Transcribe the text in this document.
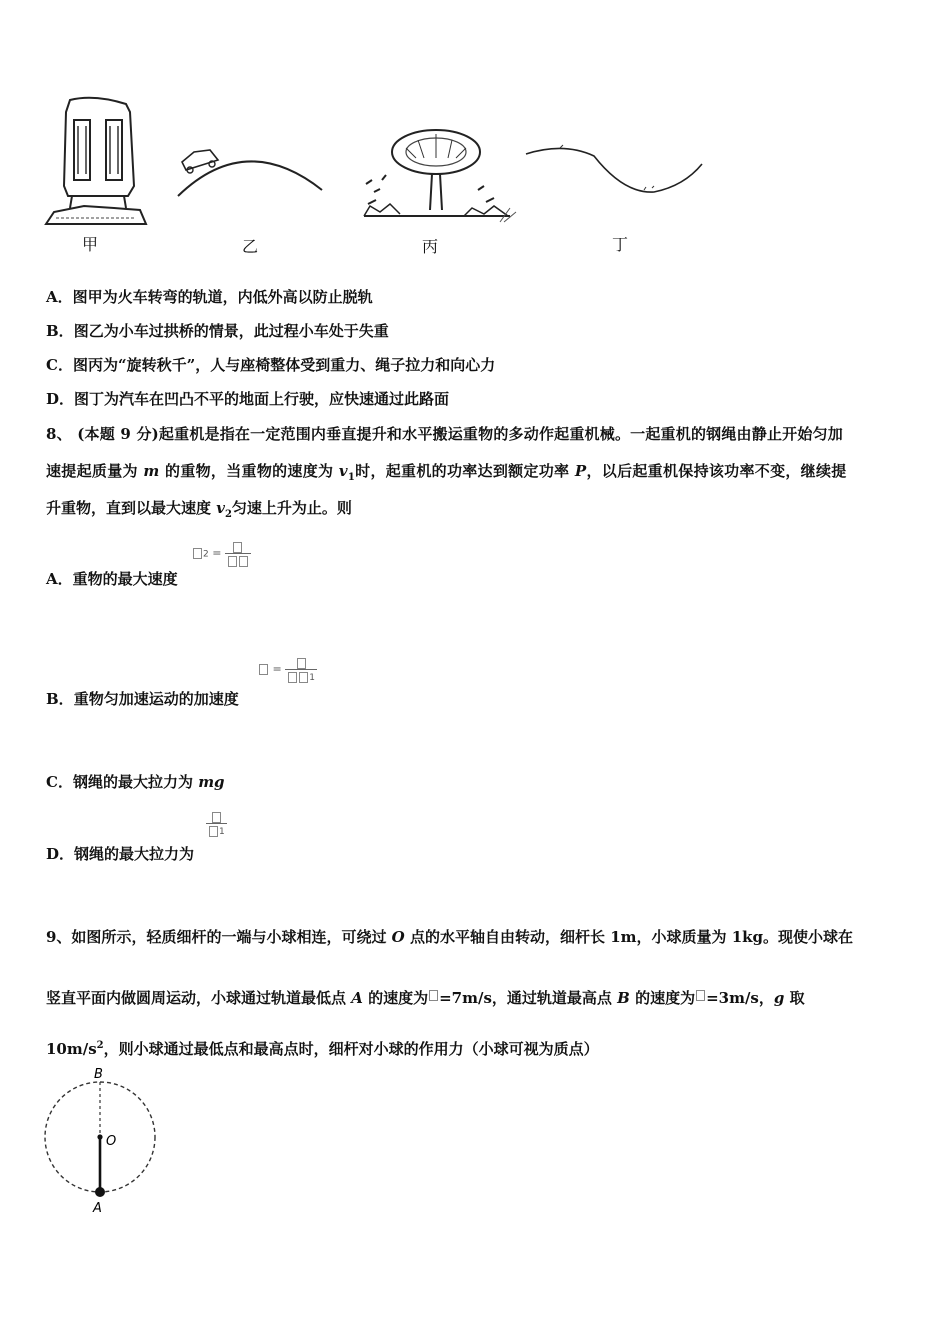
甲	乙	丙	丁
A．图甲为火车转弯的轨道，内低外高以防止脱轨
B．图乙为小车过拱桥的情景，此过程小车处于失重
C．图丙为“旋转秋千”，人与座椅整体受到重力、绳子拉力和向心力
D．图丁为汽车在凹凸不平的地面上行驶，应快速通过此路面
8、 (本题 9 分)起重机是指在一定范围内垂直提升和水平搬运重物的多动作起重机械。一起重机的钢绳由静止开始匀加
速提起质量为 m 的重物，当重物的速度为 $v_1$时，起重机的功率达到额定功率 P，以后起重机保持该功率不变，继续提
升重物，直到以最大速度 $v_2$匀速上升为止。则
2 =
A．重物的最大速度
=
1
B．重物匀加速运动的加速度
C．钢绳的最大拉力为 mg
1
D．钢绳的最大拉力为
9、如图所示，轻质细杆的一端与小球相连，可绕过 O 点的水平轴自由转动，细杆长 1m，小球质量为 1kg。现使小球在
竖直平面内做圆周运动，小球通过轨道最低点 A 的速度为 =7m/s，通过轨道最高点 B 的速度为 =3m/s，g 取
$10m/s^2$，则小球通过最低点和最高点时，细杆对小球的作用力（小球可视为质点）
B
O
A
